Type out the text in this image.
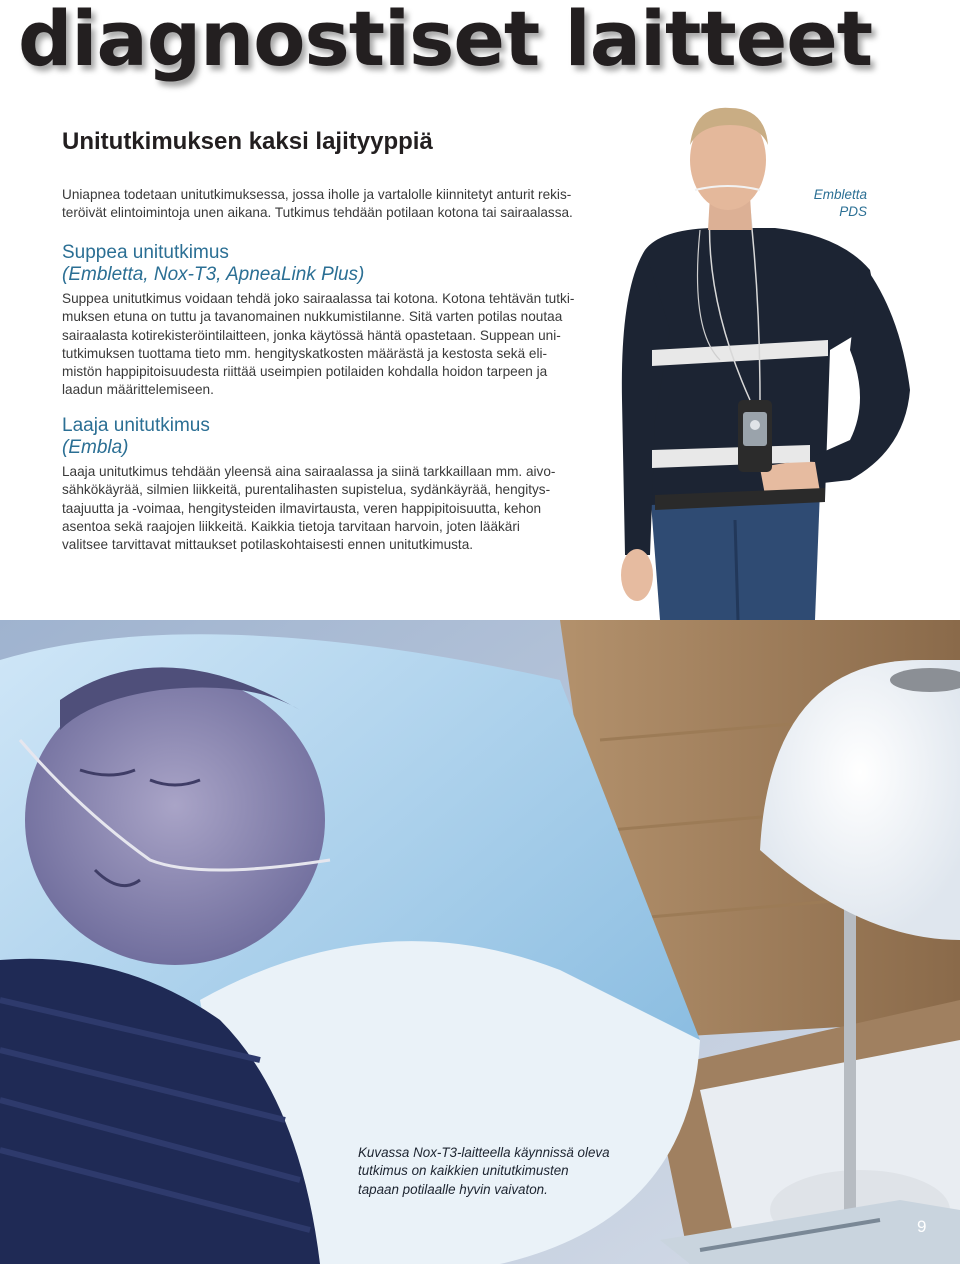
diagnostiset laitteet
Unitutkimuksen kaksi lajityyppiä
Uniapnea todetaan unitutkimuksessa, jossa iholle ja vartalolle kiinnitetyt anturit rekis-
teröivät elintoimintoja unen aikana. Tutkimus tehdään potilaan kotona tai sairaalassa.
Embletta
PDS
Suppea unitutkimus
(Embletta, Nox-T3, ApneaLink Plus)
Suppea unitutkimus voidaan tehdä joko sairaalassa tai kotona. Kotona tehtävän tutki-
muksen etuna on tuttu ja tavanomainen nukkumistilanne. Sitä varten potilas noutaa
sairaalasta kotirekisteröintilaitteen, jonka käytössä häntä opastetaan. Suppean uni-
tutkimuksen tuottama tieto mm. hengityskatkosten määrästä ja kestosta sekä eli-
mistön happipitoisuudesta riittää useimpien potilaiden kohdalla hoidon tarpeen ja
laadun määrittelemiseen.
Laaja unitutkimus
(Embla)
Laaja unitutkimus tehdään yleensä aina sairaalassa ja siinä tarkkaillaan mm. aivo-
sähkökäyrää, silmien liikkeitä, purentalihasten supistelua, sydänkäyrää, hengitys-
taajuutta ja -voimaa, hengitysteiden ilmavirtausta, veren happipitoisuutta, kehon
asentoa sekä raajojen liikkeitä. Kaikkia tietoja tarvitaan harvoin, joten lääkäri
valitsee tarvittavat mittaukset potilaskohtaisesti ennen unitutkimusta.
Kuvassa Nox-T3-laitteella käynnissä oleva
tutkimus on kaikkien unitutkimusten
tapaan potilaalle hyvin vaivaton.
9
